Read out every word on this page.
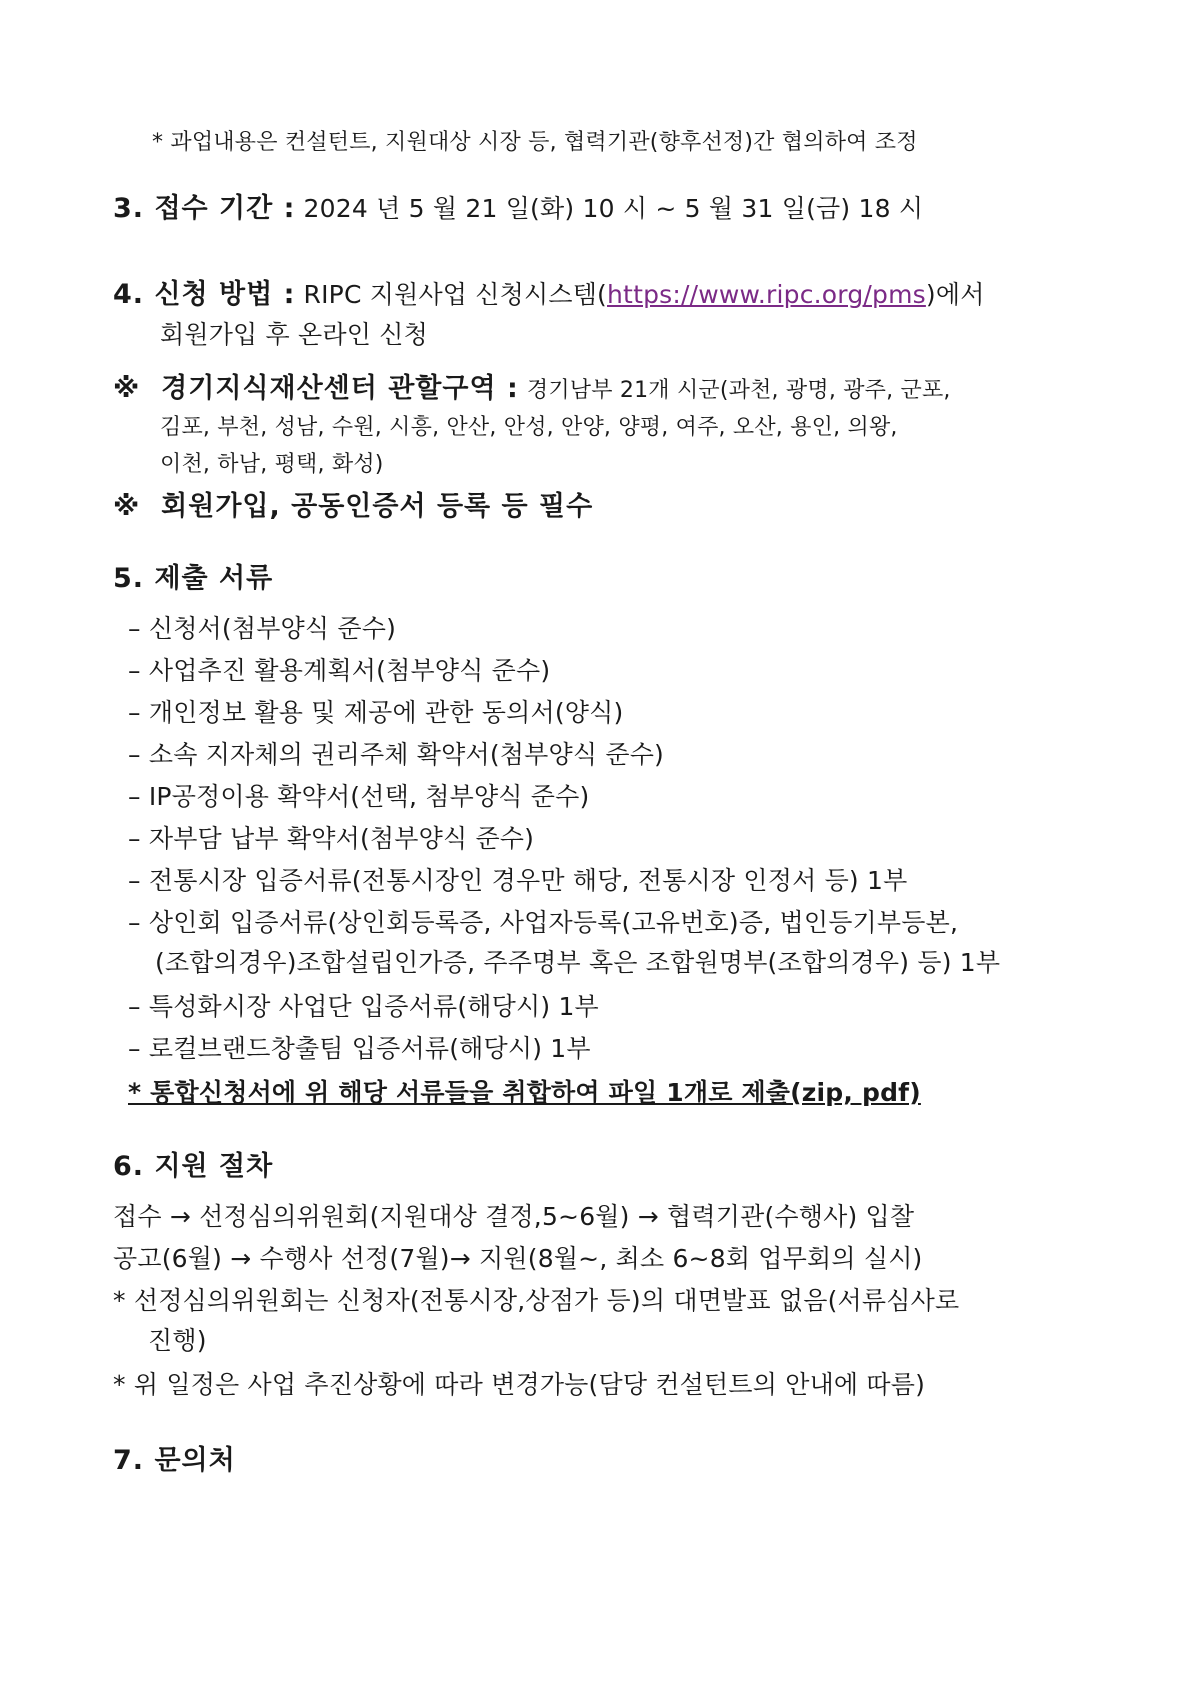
* 과업내용은 컨설턴트, 지원대상 시장 등, 협력기관(향후선정)간 협의하여 조정
3. 접수 기간 : 2024 년 5 월 21 일(화) 10 시 ~ 5 월 31 일(금) 18 시
4. 신청 방법 : RIPC 지원사업 신청시스템(https://www.ripc.org/pms)에서
회원가입 후 온라인 신청
※ 경기지식재산센터 관할구역 : 경기남부 21개 시군(과천, 광명, 광주, 군포,
김포, 부천, 성남, 수원, 시흥, 안산, 안성, 안양, 양평, 여주, 오산, 용인, 의왕,
이천, 하남, 평택, 화성)
※ 회원가입, 공동인증서 등록 등 필수
5. 제출 서류
– 신청서(첨부양식 준수)
– 사업추진 활용계획서(첨부양식 준수)
– 개인정보 활용 및 제공에 관한 동의서(양식)
– 소속 지자체의 권리주체 확약서(첨부양식 준수)
– IP공정이용 확약서(선택, 첨부양식 준수)
– 자부담 납부 확약서(첨부양식 준수)
– 전통시장 입증서류(전통시장인 경우만 해당, 전통시장 인정서 등) 1부
– 상인회 입증서류(상인회등록증, 사업자등록(고유번호)증, 법인등기부등본,
(조합의경우)조합설립인가증, 주주명부 혹은 조합원명부(조합의경우) 등) 1부
– 특성화시장 사업단 입증서류(해당시) 1부
– 로컬브랜드창출팀 입증서류(해당시) 1부
* 통합신청서에 위 해당 서류들을 취합하여 파일 1개로 제출(zip, pdf)
6. 지원 절차
접수 → 선정심의위원회(지원대상 결정,5~6월) → 협력기관(수행사) 입찰
공고(6월) → 수행사 선정(7월)→ 지원(8월~, 최소 6~8회 업무회의 실시)
* 선정심의위원회는 신청자(전통시장,상점가 등)의 대면발표 없음(서류심사로
진행)
* 위 일정은 사업 추진상황에 따라 변경가능(담당 컨설턴트의 안내에 따름)
7. 문의처
